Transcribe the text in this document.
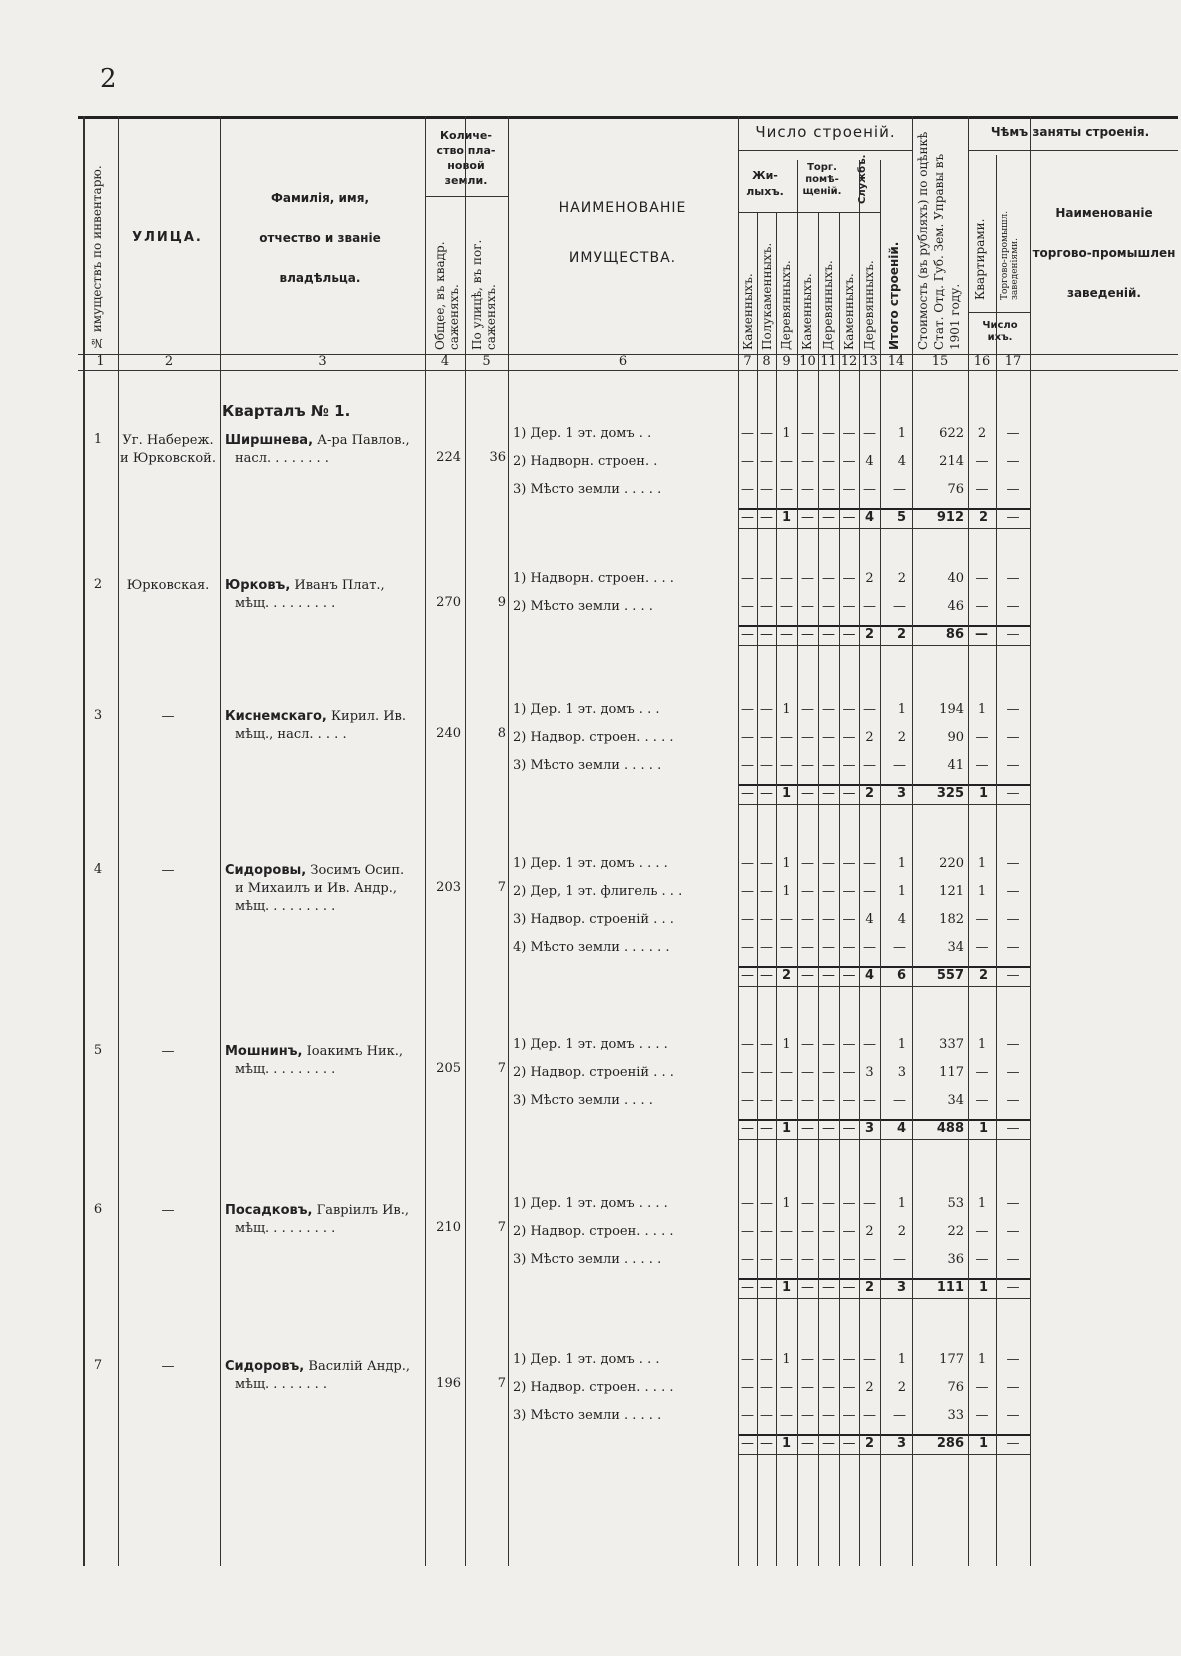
2
№ имуществъ по инвентарю.	УЛИЦА.
Фамилія, имя,
отчество и званіе
владѣльца.
Количе-ство пла-новой земли.
Общее, въ квадр. саженяхъ. По улицѣ, въ пог. саженяхъ.
НАИМЕНОВАНІЕ
ИМУЩЕСТВА.
Число строеній.
Жи-лыхъ.
Торг. помѣ-щеній.	Службъ.
Каменныхъ. Полукаменныхъ. Деревянныхъ. Каменныхъ. Деревянныхъ. Каменныхъ. Деревянныхъ. Итого строеній. Стоимость (въ рубляхъ) по оцѣнкѣ Стат. Отд. Губ. Зем. Управы въ 1901 году.
Чѣмъ заняты строенія.
Квартирами. Торгово-промышл. заведеніями.
Число ихъ.
Наименованіе
торгово-промышлен
заведеній.
1	2	3	4	5	6	7 8 9 10 11 12 13 14	15	16	17
Кварталъ № 1.
1	Уг. Набереж. и Юрковской.
Ширшнева, А-ра Павлов.,
насл. . . . . . . .	224	36
1) Дер. 1 эт. домъ . .	— — 1 — — — —	1	622	2	—
2) Надворн. строен. .	— — — — — — 4	4	214 —	—
3) Мѣсто земли . . . . .	— — — — — — —	—	76 —	—
— — 1 — — — 4	5	912	2	—
2	Юрковская.	Юрковъ, Иванъ Плат.,
мѣщ. . . . . . . . .	270	9
1) Надворн. строен. . . .	— — — — — — 2	2	40 —	—
2) Мѣсто земли . . . .	— — — — — — —	—	46 —	—
— — — — — — 2	2	86 —	—
3	—	Киснемскаго, Кирил. Ив.
мѣщ., насл. . . . .	240	8
1) Дер. 1 эт. домъ . . .	— — 1 — — — —	1	194	1	—
2) Надвор. строен. . . . .	— — — — — — 2	2	90 —	—
3) Мѣсто земли . . . . .	— — — — — — —	—	41 —	—
— — 1 — — — 2	3	325	1	—
4	—	Сидоровы, Зосимъ Осип.
и Михаилъ и Ив. Андр.,
мѣщ. . . . . . . . .
203	7
1) Дер. 1 эт. домъ . . . .	— — 1 — — — —	1	220	1	—
2) Дер, 1 эт. флигель . . .	— — 1 — — — —	1	121	1	—
3) Надвор. строеній . . .	— — — — — — 4	4	182 —	—
4) Мѣсто земли . . . . . .	— — — — — — —	—	34 —	—
— — 2 — — — 4	6	557	2	—
5	—	Мошнинъ, Іоакимъ Ник.,
мѣщ. . . . . . . . .	205	7
1) Дер. 1 эт. домъ . . . .	— — 1 — — — —	1	337	1	—
2) Надвор. строеній . . .	— — — — — — 3	3	117 —	—
3) Мѣсто земли . . . .	— — — — — — —	—	34 —	—
— — 1 — — — 3	4	488	1	—
6	—	Посадковъ, Гавріилъ Ив.,
мѣщ. . . . . . . . .	210	7
1) Дер. 1 эт. домъ . . . .	— — 1 — — — —	1	53	1	—
2) Надвор. строен. . . . .	— — — — — — 2	2	22 —	—
3) Мѣсто земли . . . . .	— — — — — — —	—	36 —	—
— — 1 — — — 2	3	111	1	—
7	—	Сидоровъ, Василій Андр.,
мѣщ. . . . . . . .	196	7
1) Дер. 1 эт. домъ . . .	— — 1 — — — —	1	177	1	—
2) Надвор. строен. . . . .	— — — — — — 2	2	76 —	—
3) Мѣсто земли . . . . .	— — — — — — —	—	33 —	—
— — 1 — — — 2	3	286	1	—
